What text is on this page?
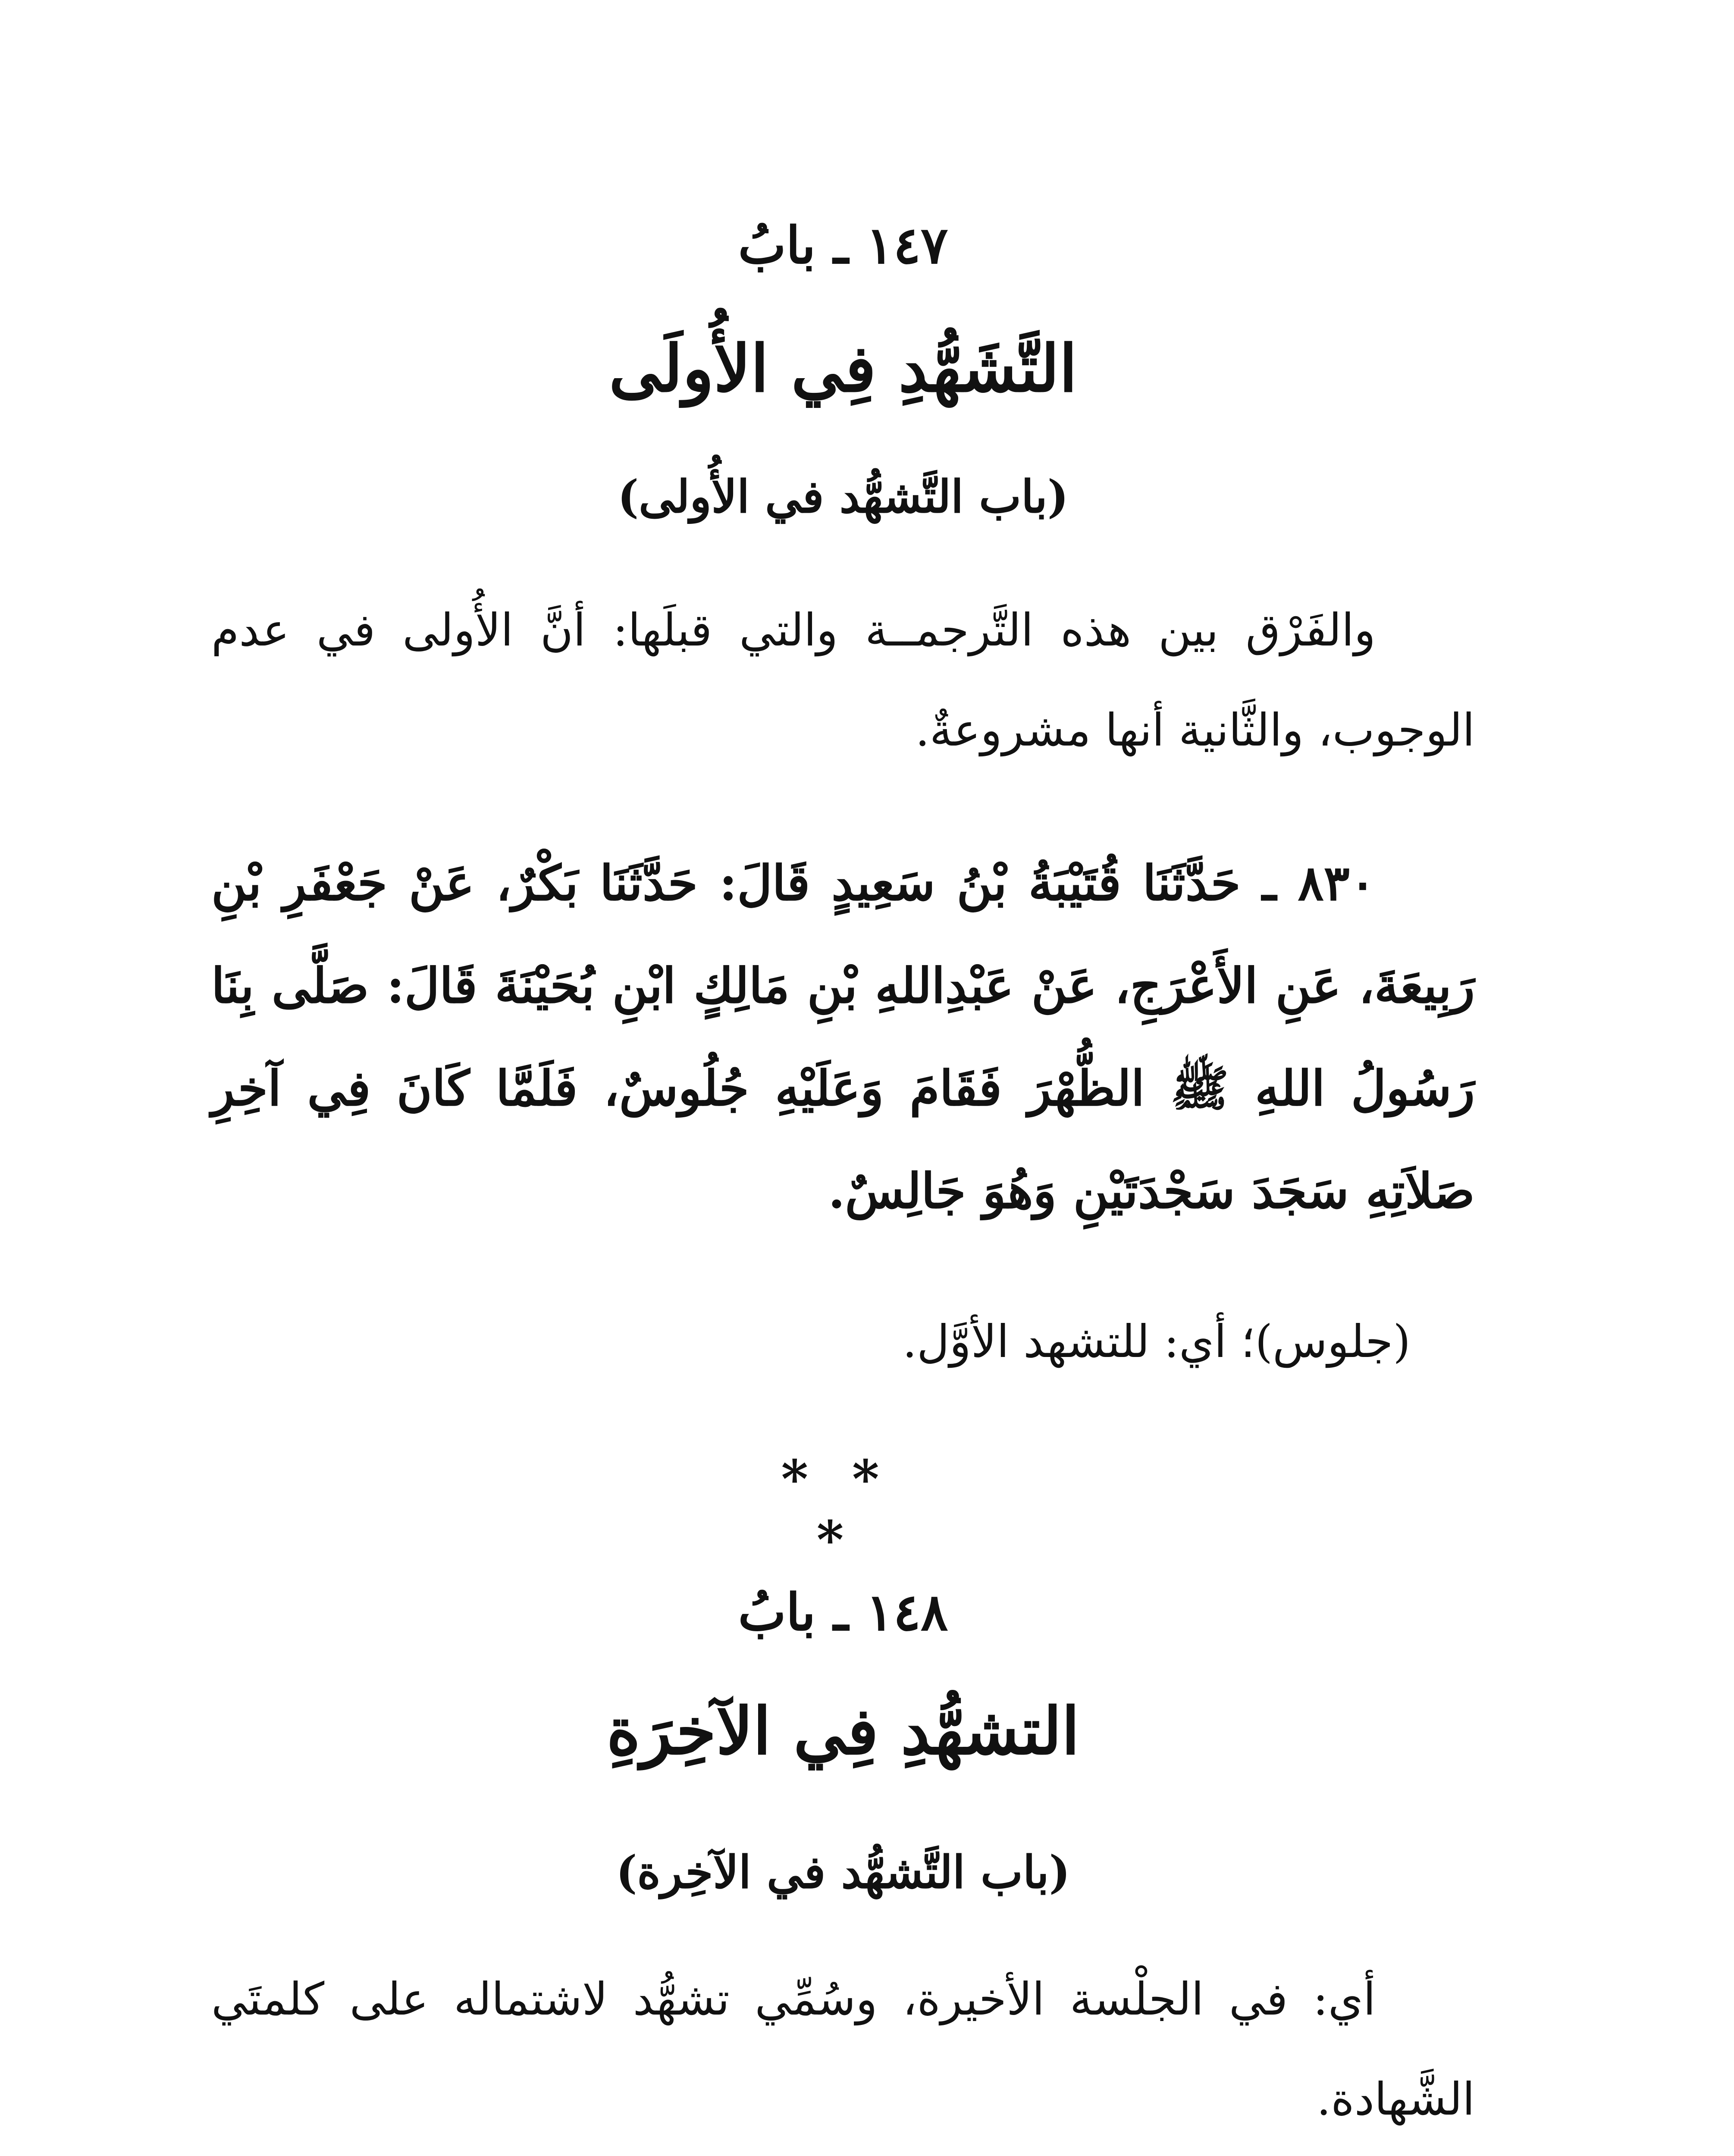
١٤٧ ـ بابُ
التَّشَهُّدِ فِي الأُولَى
(باب التَّشهُّد في الأُولى)
والفَرْق بين هذه التَّرجمــة والتي قبلَها: أنَّ الأُولى في عدم الوجوب، والثَّانية أنها مشروعةٌ.
٨٣٠ ـ حَدَّثَنَا قُتَيْبَةُ بْنُ سَعِيدٍ قَالَ: حَدَّثَنَا بَكْرٌ، عَنْ جَعْفَرِ بْنِ رَبِيعَةَ، عَنِ الأَعْرَجِ، عَنْ عَبْدِاللهِ بْنِ مَالِكٍ ابْنِ بُحَيْنَةَ قَالَ: صَلَّى بِنَا رَسُولُ اللهِ ﷺ الظُّهْرَ فَقَامَ وَعَلَيْهِ جُلُوسٌ، فَلَمَّا كَانَ فِي آخِرِ صَلاَتِهِ سَجَدَ سَجْدَتَيْنِ وَهُوَ جَالِسٌ.
(جلوس)؛ أي: للتشهد الأوَّل.
* * *
١٤٨ ـ بابُ
التشهُّدِ فِي الآخِرَةِ
(باب التَّشهُّد في الآخِرة)
أي: في الجلْسة الأخيرة، وسُمِّي تشهُّد لاشتماله على كلمتَي الشَّهادة.
